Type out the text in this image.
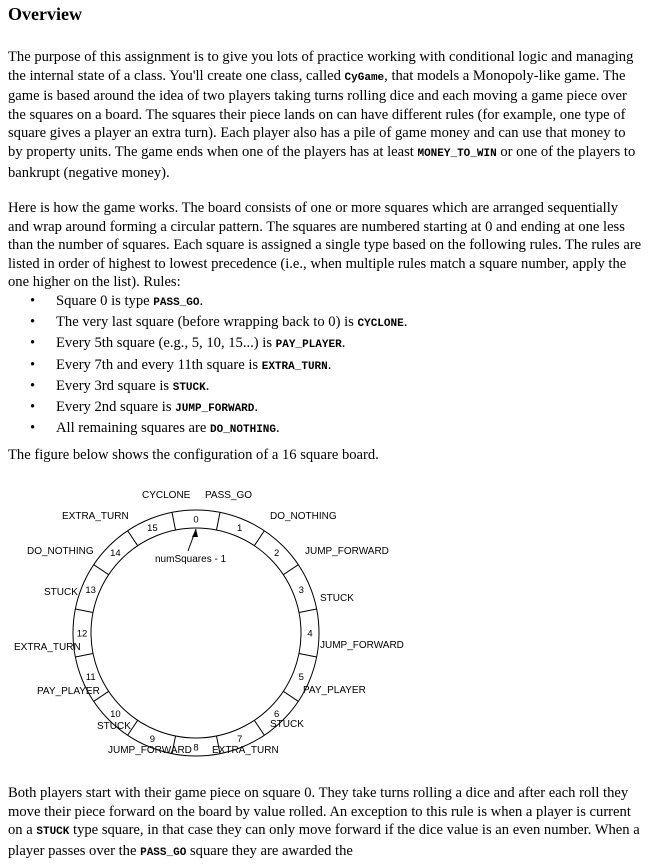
Overview

The purpose of this assignment is to give you lots of practice working with conditional logic and managing the internal state of a class. You'll create one class, called CyGame, that models a Monopoly-like game. The game is based around the idea of two players taking turns rolling dice and each moving a game piece over the squares on a board. The squares their piece lands on can have different rules (for example, one type of square gives a player an extra turn). Each player also has a pile of game money and can use that money to by property units. The game ends when one of the players has at least MONEY_TO_WIN or one of the players to bankrupt (negative money).

Here is how the game works. The board consists of one or more squares which are arranged sequentially and wrap around forming a circular pattern. The squares are numbered starting at 0 and ending at one less than the number of squares. Each square is assigned a single type based on the following rules. The rules are listed in order of highest to lowest precedence (i.e., when multiple rules match a square number, apply the one higher on the list). Rules:

• Square 0 is type PASS_GO.
• The very last square (before wrapping back to 0) is CYCLONE.
• Every 5th square (e.g., 5, 10, 15...) is PAY_PLAYER.
• Every 7th and every 11th square is EXTRA_TURN.
• Every 3rd square is STUCK.
• Every 2nd square is JUMP_FORWARD.
• All remaining squares are DO_NOTHING.

The figure below shows the configuration of a 16 square board.

0
1
2
3
4
5
6
7
8
9
10
11
12
13
14
15
numSquares - 1
CYCLONE PASS_GO
DO_NOTHING
JUMP_FORWARD
STUCK
JUMP_FORWARD
PAY_PLAYER
STUCK
EXTRA_TURN
JUMP_FORWARD
STUCK
PAY_PLAYER
EXTRA_TURN
STUCK
DO_NOTHING
EXTRA_TURN

Both players start with their game piece on square 0. They take turns rolling a dice and after each roll they move their piece forward on the board by value rolled. An exception to this rule is when a player is current on a STUCK type square, in that case they can only move forward if the dice value is an even number. When a player passes over the PASS_GO square they are awarded the
